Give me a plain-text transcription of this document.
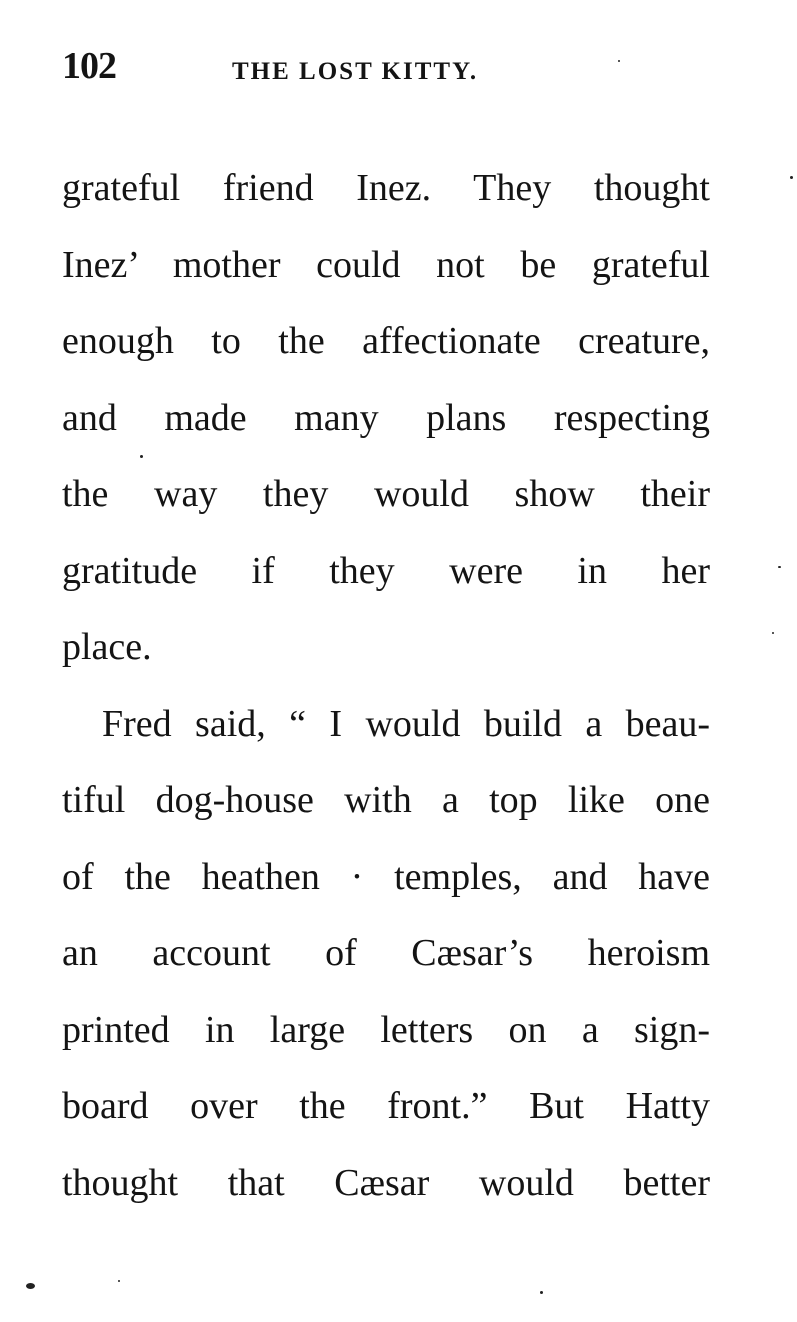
102	THE LOST KITTY.
grateful friend Inez. They thought
Inez’ mother could not be grateful
enough to the affectionate creature,
and made many plans respecting
the way they would show their
gratitude if they were in her
place.
Fred said, “ I would build a beau-
tiful dog-house with a top like one
of the heathen · temples, and have
an account of Cæsar’s heroism
printed in large letters on a sign-
board over the front.” But Hatty
thought that Cæsar would better
